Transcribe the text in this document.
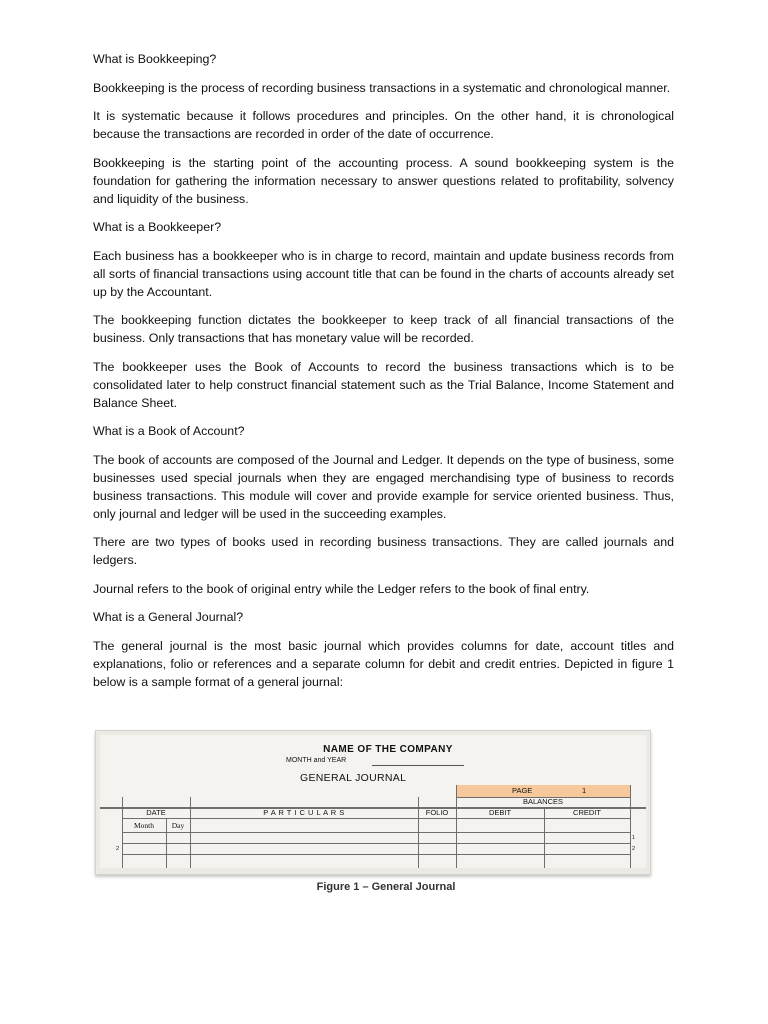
What is Bookkeeping?

Bookkeeping is the process of recording business transactions in a systematic and chronological manner.

It is systematic because it follows procedures and principles. On the other hand, it is chronological because the transactions are recorded in order of the date of occurrence.

Bookkeeping is the starting point of the accounting process. A sound bookkeeping system is the foundation for gathering the information necessary to answer questions related to profitability, solvency and liquidity of the business.

What is a Bookkeeper?

Each business has a bookkeeper who is in charge to record, maintain and update business records from all sorts of financial transactions using account title that can be found in the charts of accounts already set up by the Accountant.

The bookkeeping function dictates the bookkeeper to keep track of all financial transactions of the business. Only transactions that has monetary value will be recorded.

The bookkeeper uses the Book of Accounts to record the business transactions which is to be consolidated later to help construct financial statement such as the Trial Balance, Income Statement and Balance Sheet.

What is a Book of Account?

The book of accounts are composed of the Journal and Ledger. It depends on the type of business, some businesses used special journals when they are engaged merchandising type of business to records business transactions. This module will cover and provide example for service oriented business. Thus, only journal and ledger will be used in the succeeding examples.

There are two types of books used in recording business transactions. They are called journals and ledgers.

Journal refers to the book of original entry while the Ledger refers to the book of final entry.

What is a General Journal?

The general journal is the most basic journal which provides columns for date, account titles and explanations, folio or references and a separate column for debit and credit entries. Depicted in figure 1 below is a sample format of a general journal:

NAME OF THE COMPANY
MONTH and YEAR
GENERAL JOURNAL
PAGE	1
BALANCES
DATE	P A R T I C U L A R S	FOLIO	DEBIT	CREDIT
Month	Day
1
2
2
Figure 1 – General Journal
